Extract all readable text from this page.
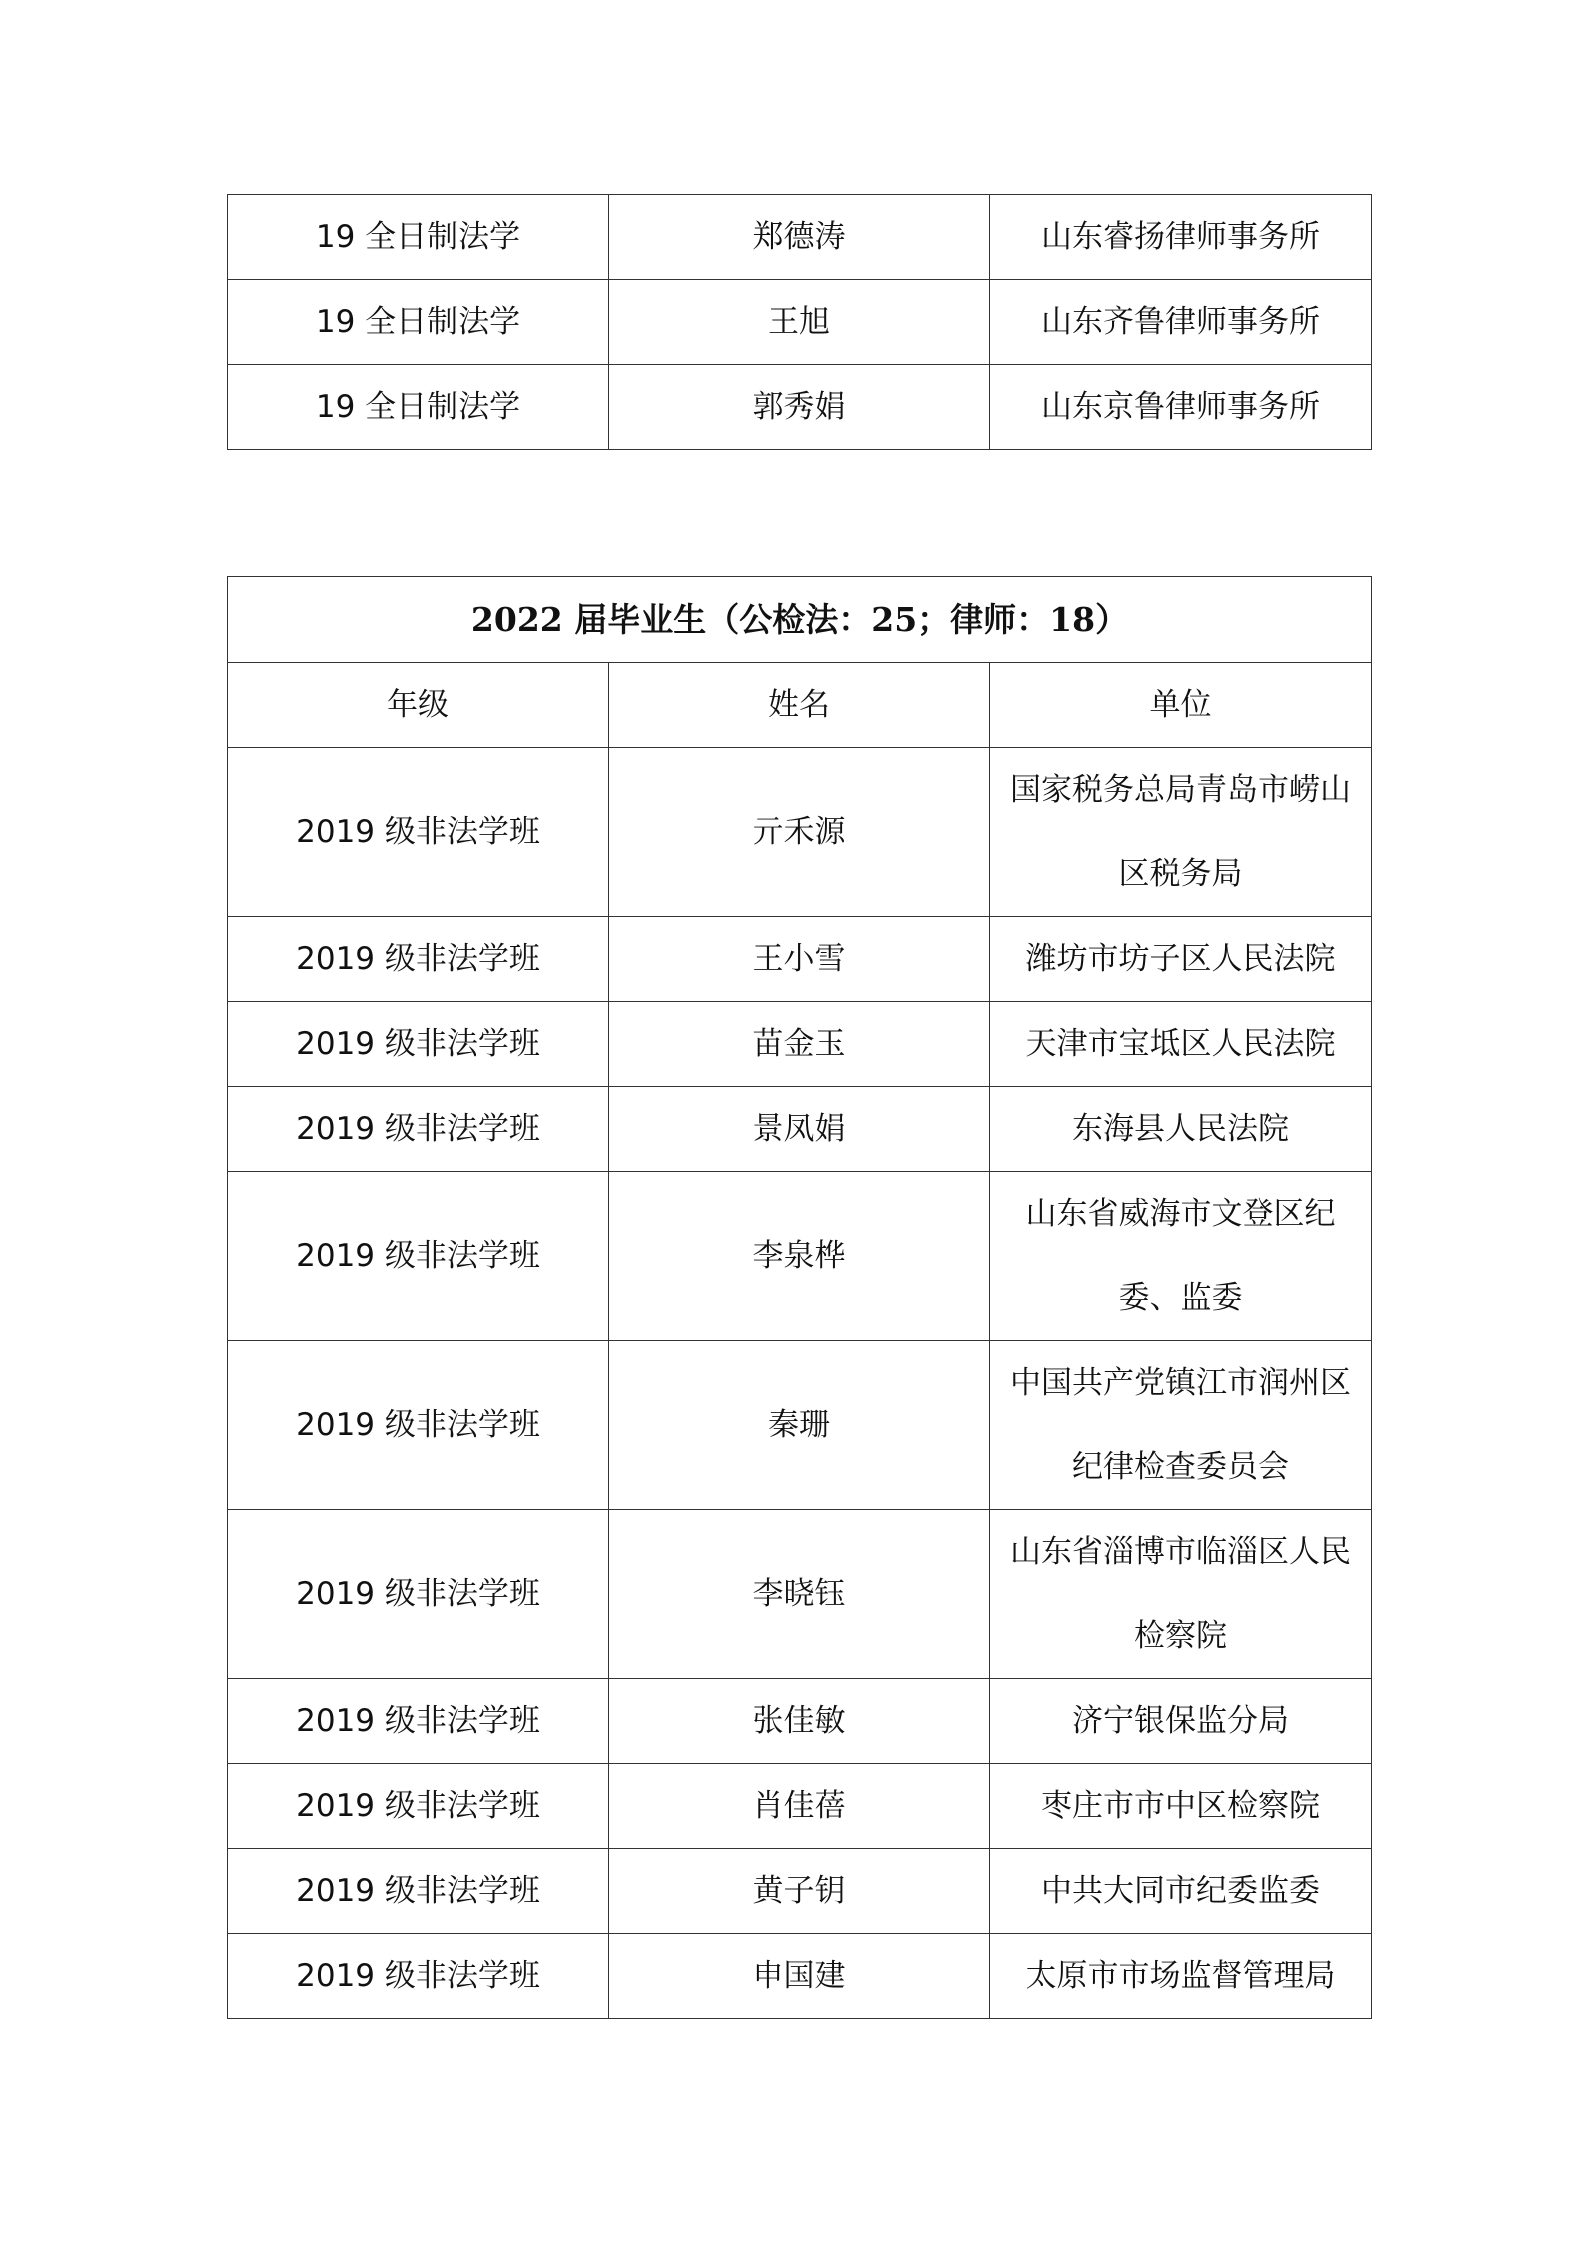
19 全日制法学	郑德涛	山东睿扬律师事务所
19 全日制法学	王旭	山东齐鲁律师事务所
19 全日制法学	郭秀娟	山东京鲁律师事务所
2022 届毕业生（公检法：25；律师：18）		
年级	姓名	单位
2019 级非法学班	亓禾源	国家税务总局青岛市崂山区税务局
2019 级非法学班	王小雪	潍坊市坊子区人民法院
2019 级非法学班	苗金玉	天津市宝坻区人民法院
2019 级非法学班	景凤娟	东海县人民法院
2019 级非法学班	李泉桦	山东省威海市文登区纪委、监委
2019 级非法学班	秦珊	中国共产党镇江市润州区纪律检查委员会
2019 级非法学班	李晓钰	山东省淄博市临淄区人民检察院
2019 级非法学班	张佳敏	济宁银保监分局
2019 级非法学班	肖佳蓓	枣庄市市中区检察院
2019 级非法学班	黄子钥	中共大同市纪委监委
2019 级非法学班	申国建	太原市市场监督管理局
